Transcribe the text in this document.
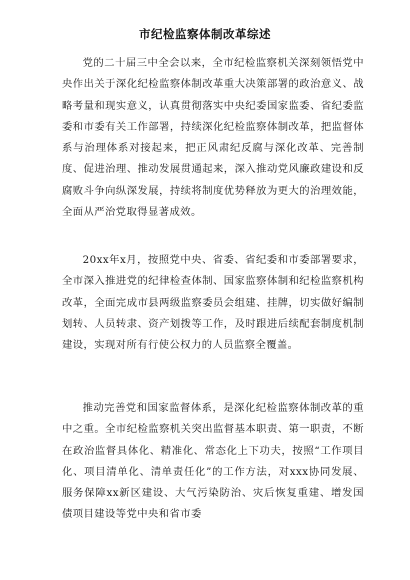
市纪检监察体制改革综述

党的二十届三中全会以来，全市纪检监察机关深刻领悟党中央作出关于深化纪检监察体制改革重大决策部署的政治意义、战略考量和现实意义，认真贯彻落实中央纪委国家监委、省纪委监委和市委有关工作部署，持续深化纪检监察体制改革，把监督体系与治理体系对接起来，把正风肃纪反腐与深化改革、完善制度、促进治理、推动发展贯通起来，深入推动党风廉政建设和反腐败斗争向纵深发展，持续将制度优势释放为更大的治理效能，全面从严治党取得显著成效。

20xx年x月，按照党中央、省委、省纪委和市委部署要求，全市深入推进党的纪律检查体制、国家监察体制和纪检监察机构改革，全面完成市县两级监察委员会组建、挂牌，切实做好编制划转、人员转隶、资产划拨等工作，及时跟进后续配套制度机制建设，实现对所有行使公权力的人员监察全覆盖。

推动完善党和国家监督体系，是深化纪检监察体制改革的重中之重。全市纪检监察机关突出监督基本职责、第一职责，不断在政治监督具体化、精准化、常态化上下功夫，按照“工作项目化、项目清单化、清单责任化”的工作方法，对xxx协同发展、服务保障xx新区建设、大气污染防治、灾后恢复重建、增发国债项目建设等党中央和省市委
